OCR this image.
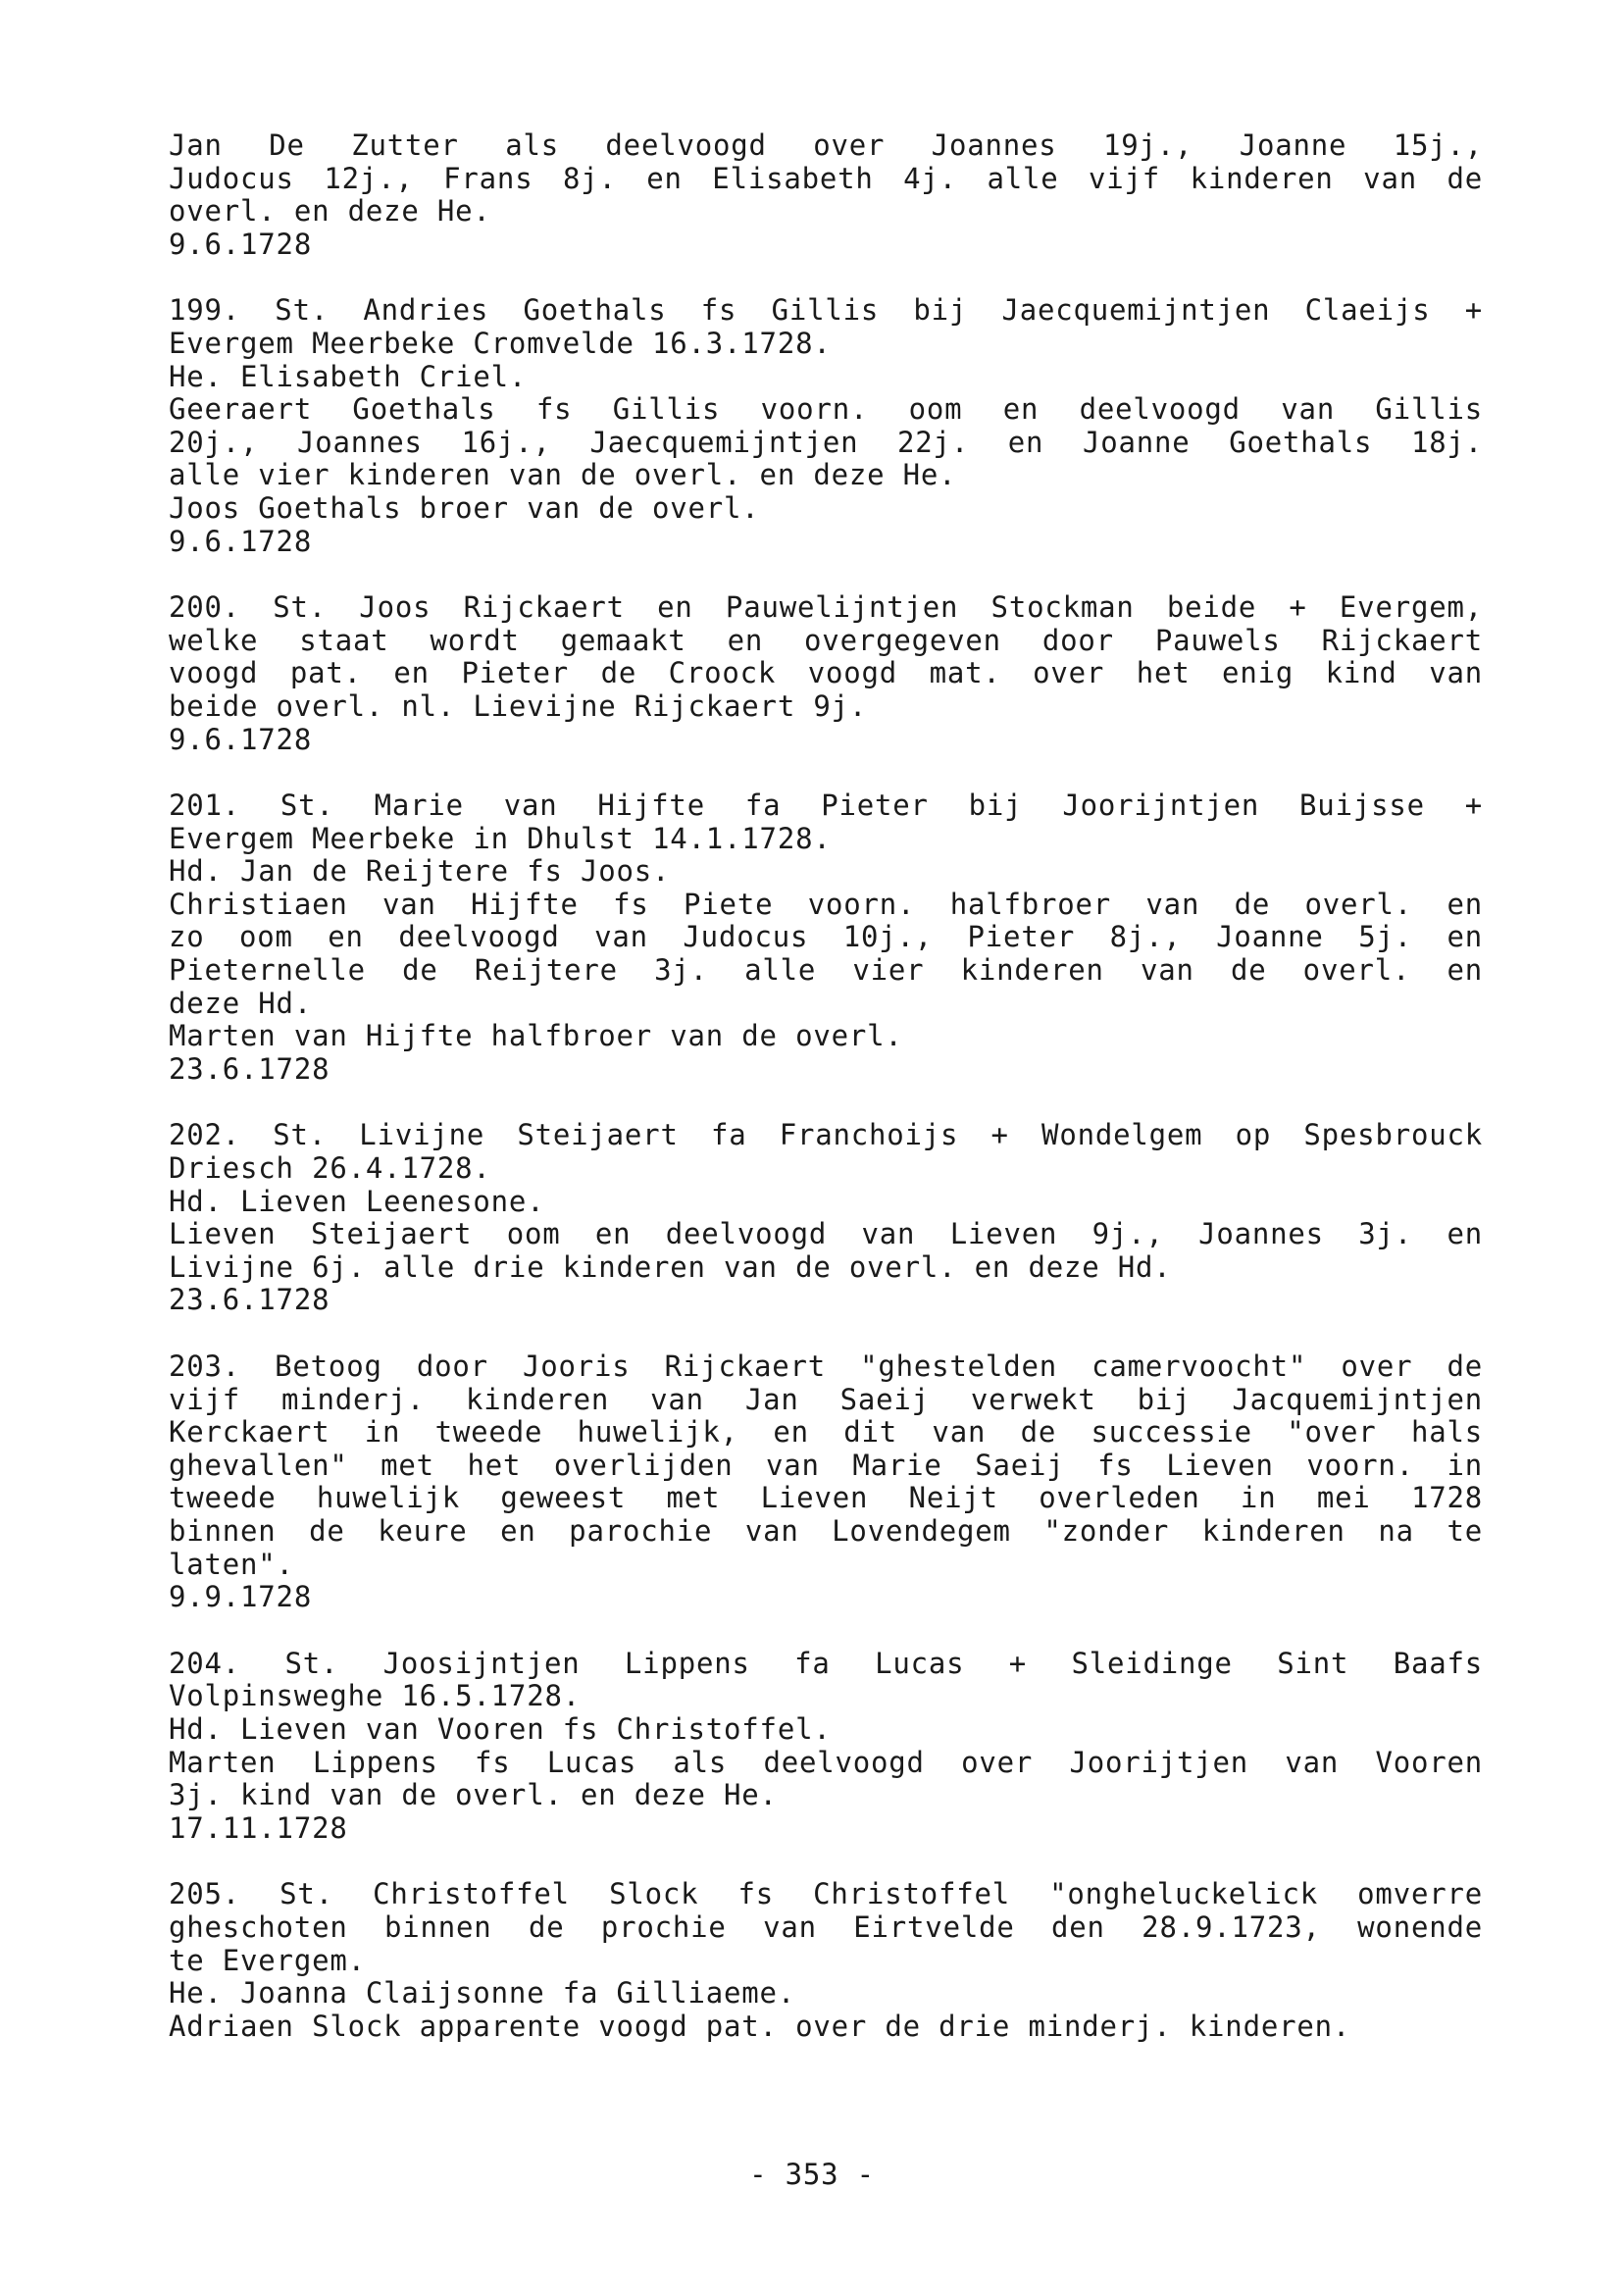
Jan De Zutter als deelvoogd over Joannes 19j., Joanne 15j.,
Judocus 12j., Frans 8j. en Elisabeth 4j. alle vijf kinderen van de
overl. en deze He.
9.6.1728
199. St. Andries Goethals fs Gillis bij Jaecquemijntjen Claeijs +
Evergem Meerbeke Cromvelde 16.3.1728.
He. Elisabeth Criel.
Geeraert Goethals fs Gillis voorn. oom en deelvoogd van Gillis
20j., Joannes 16j., Jaecquemijntjen 22j. en Joanne Goethals 18j.
alle vier kinderen van de overl. en deze He.
Joos Goethals broer van de overl.
9.6.1728
200. St. Joos Rijckaert en Pauwelijntjen Stockman beide + Evergem,
welke staat wordt gemaakt en overgegeven door Pauwels Rijckaert
voogd pat. en Pieter de Croock voogd mat. over het enig kind van
beide overl. nl. Lievijne Rijckaert 9j.
9.6.1728
201. St. Marie van Hijfte fa Pieter bij Joorijntjen Buijsse +
Evergem Meerbeke in Dhulst 14.1.1728.
Hd. Jan de Reijtere fs Joos.
Christiaen van Hijfte fs Piete voorn. halfbroer van de overl. en
zo oom en deelvoogd van Judocus 10j., Pieter 8j., Joanne 5j. en
Pieternelle de Reijtere 3j. alle vier kinderen van de overl. en
deze Hd.
Marten van Hijfte halfbroer van de overl.
23.6.1728
202. St. Livijne Steijaert fa Franchoijs + Wondelgem op Spesbrouck
Driesch 26.4.1728.
Hd. Lieven Leenesone.
Lieven Steijaert oom en deelvoogd van Lieven 9j., Joannes 3j. en
Livijne 6j. alle drie kinderen van de overl. en deze Hd.
23.6.1728
203. Betoog door Jooris Rijckaert "ghestelden camervoocht" over de
vijf minderj. kinderen van Jan Saeij verwekt bij Jacquemijntjen
Kerckaert in tweede huwelijk, en dit van de successie "over hals
ghevallen" met het overlijden van Marie Saeij fs Lieven voorn. in
tweede huwelijk geweest met Lieven Neijt overleden in mei 1728
binnen de keure en parochie van Lovendegem "zonder kinderen na te
laten".
9.9.1728
204. St. Joosijntjen Lippens fa Lucas + Sleidinge Sint Baafs
Volpinsweghe 16.5.1728.
Hd. Lieven van Vooren fs Christoffel.
Marten Lippens fs Lucas als deelvoogd over Joorijtjen van Vooren
3j. kind van de overl. en deze He.
17.11.1728
205. St. Christoffel Slock fs Christoffel "ongheluckelick omverre
gheschoten binnen de prochie van Eirtvelde den 28.9.1723, wonende
te Evergem.
He. Joanna Claijsonne fa Gilliaeme.
Adriaen Slock apparente voogd pat. over de drie minderj. kinderen.
- 353 -
